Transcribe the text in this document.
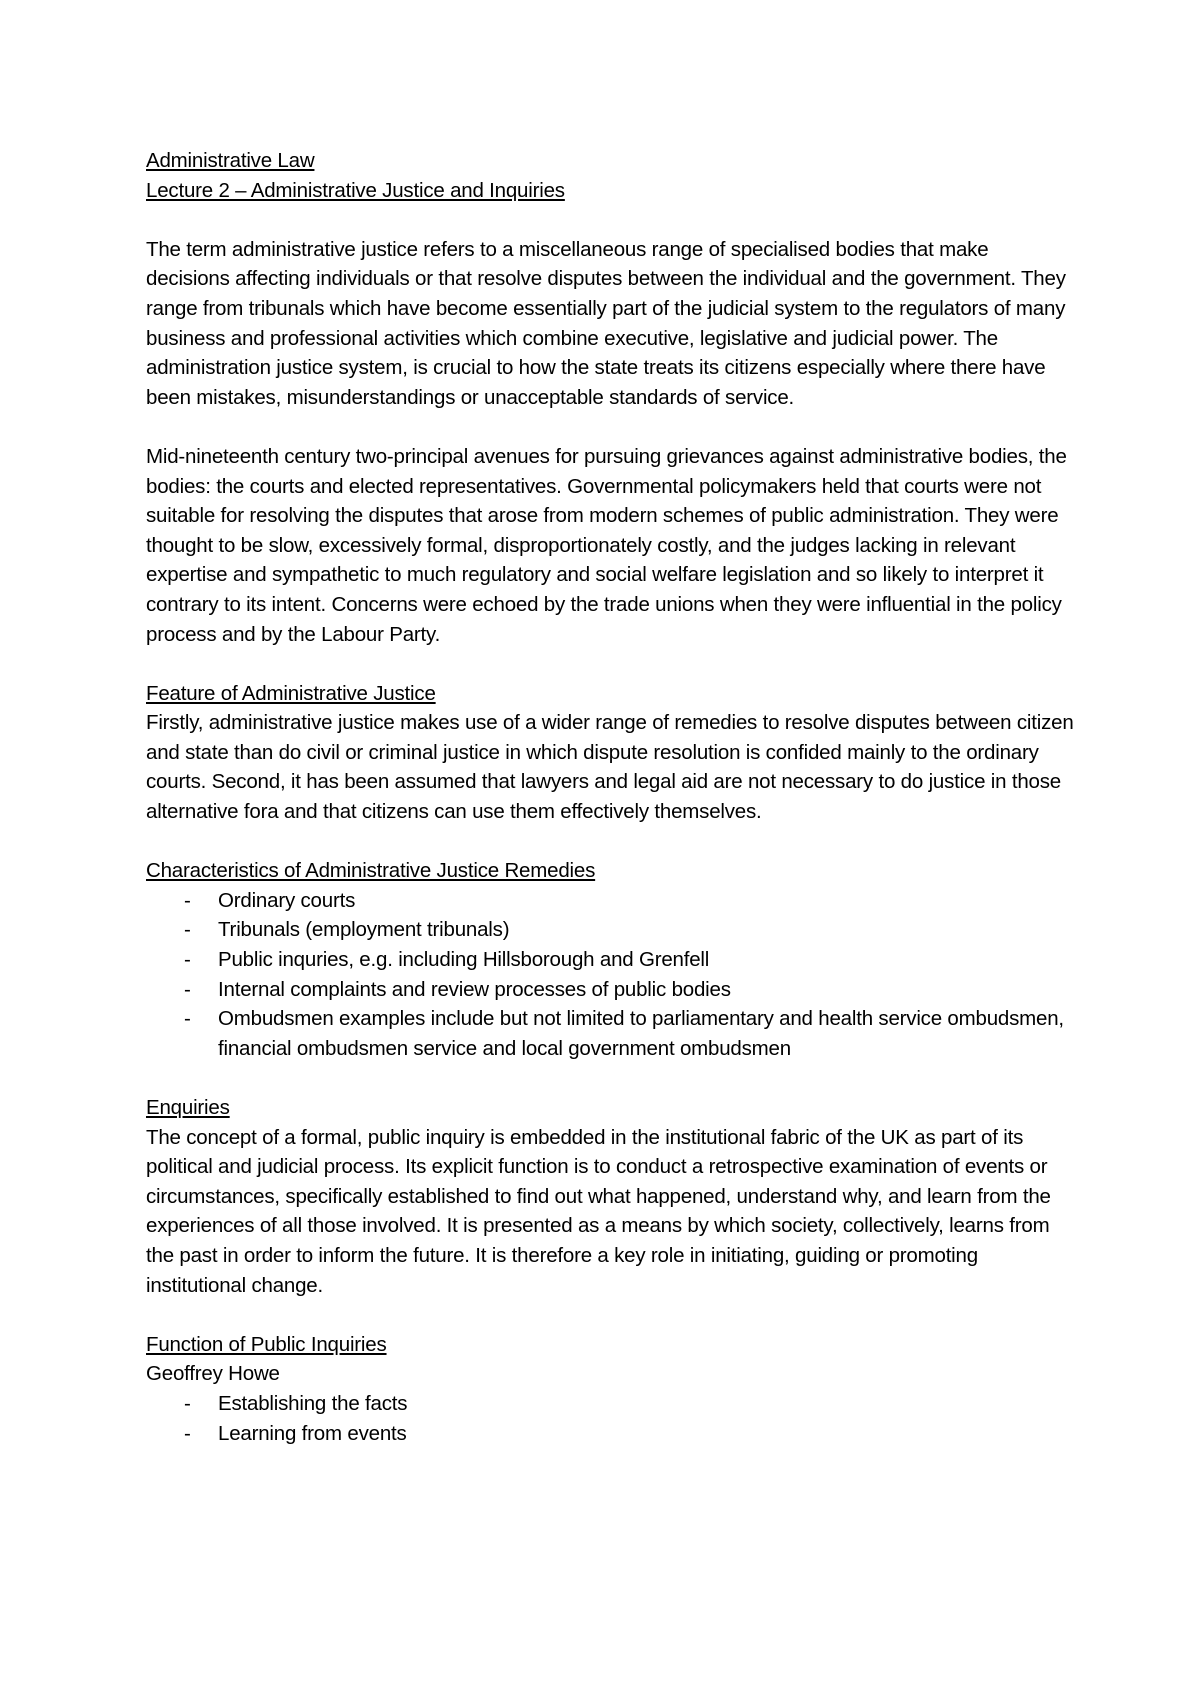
Administrative Law

Lecture 2 – Administrative Justice and Inquiries

The term administrative justice refers to a miscellaneous range of specialised bodies that make decisions affecting individuals or that resolve disputes between the individual and the government. They range from tribunals which have become essentially part of the judicial system to the regulators of many business and professional activities which combine executive, legislative and judicial power. The administration justice system, is crucial to how the state treats its citizens especially where there have been mistakes, misunderstandings or unacceptable standards of service.

Mid-nineteenth century two-principal avenues for pursuing grievances against administrative bodies, the bodies: the courts and elected representatives. Governmental policymakers held that courts were not suitable for resolving the disputes that arose from modern schemes of public administration. They were thought to be slow, excessively formal, disproportionately costly, and the judges lacking in relevant expertise and sympathetic to much regulatory and social welfare legislation and so likely to interpret it contrary to its intent. Concerns were echoed by the trade unions when they were influential in the policy process and by the Labour Party.

Feature of Administrative Justice

Firstly, administrative justice makes use of a wider range of remedies to resolve disputes between citizen and state than do civil or criminal justice in which dispute resolution is confided mainly to the ordinary courts. Second, it has been assumed that lawyers and legal aid are not necessary to do justice in those alternative fora and that citizens can use them effectively themselves.

Characteristics of Administrative Justice Remedies

- Ordinary courts
- Tribunals (employment tribunals)
- Public inquries, e.g. including Hillsborough and Grenfell
- Internal complaints and review processes of public bodies
- Ombudsmen examples include but not limited to parliamentary and health service ombudsmen, financial ombudsmen service and local government ombudsmen

Enquiries

The concept of a formal, public inquiry is embedded in the institutional fabric of the UK as part of its political and judicial process. Its explicit function is to conduct a retrospective examination of events or circumstances, specifically established to find out what happened, understand why, and learn from the experiences of all those involved. It is presented as a means by which society, collectively, learns from the past in order to inform the future. It is therefore a key role in initiating, guiding or promoting institutional change.

Function of Public Inquiries

Geoffrey Howe

- Establishing the facts
- Learning from events
